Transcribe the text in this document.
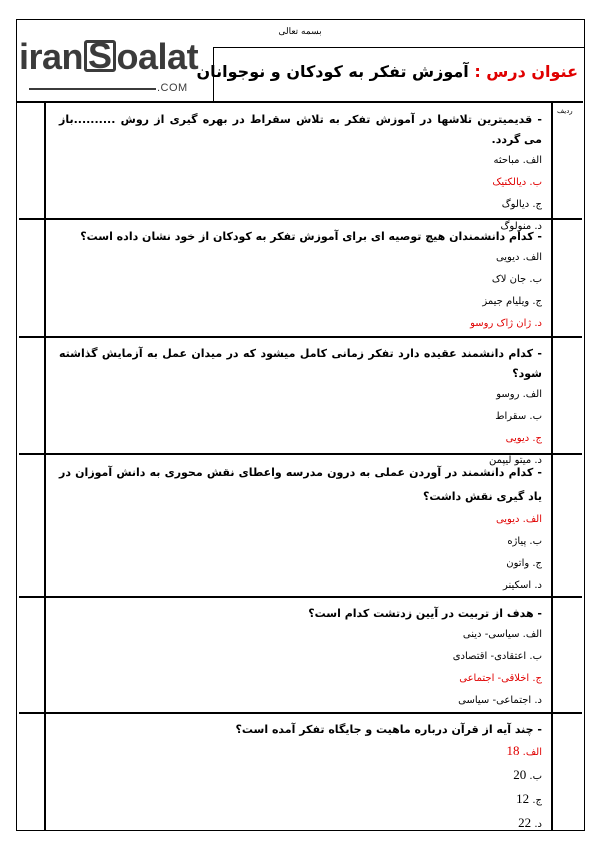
بسمه تعالی
iran S oalat
.COM
عنوان درس : آموزش تفکر به کودکان و نوجوانان
ردیف
- قدیمیترین تلاشها در آموزش تفکر به تلاش سقراط در بهره گیری از روش ..........باز می گردد.
الف. مباحثه
ب. دیالکتیک
ج. دیالوگ
د. منولوگ
- کدام دانشمندان هیچ توصیه ای برای آموزش تفکر به کودکان از خود نشان داده است؟
الف. دیویی
ب. جان لاک
ج. ویلیام جیمز
د. ژان ژاک روسو
- کدام دانشمند عقیده دارد تفکر زمانی کامل میشود که در میدان عمل به آزمایش گذاشته شود؟
الف. روسو
ب. سقراط
ج. دیویی
د. میتو لیپمن
- کدام دانشمند در آوردن عملی به درون مدرسه واعطای نقش محوری به دانش آموزان در یاد گیری نقش داشت؟
الف. دیویی
ب. پیاژه
ج. واتون
د. اسکینر
- هدف از تربیت در آیین زدتشت کدام است؟
الف. سیاسی- دینی
ب. اعتقادی- اقتصادی
ج. اخلاقی- اجتماعی
د. اجتماعی- سیاسی
- چند آیه از قرآن درباره ماهیت و جایگاه تفکر آمده است؟
الف. 18
ب. 20
ج. 12
د. 22
